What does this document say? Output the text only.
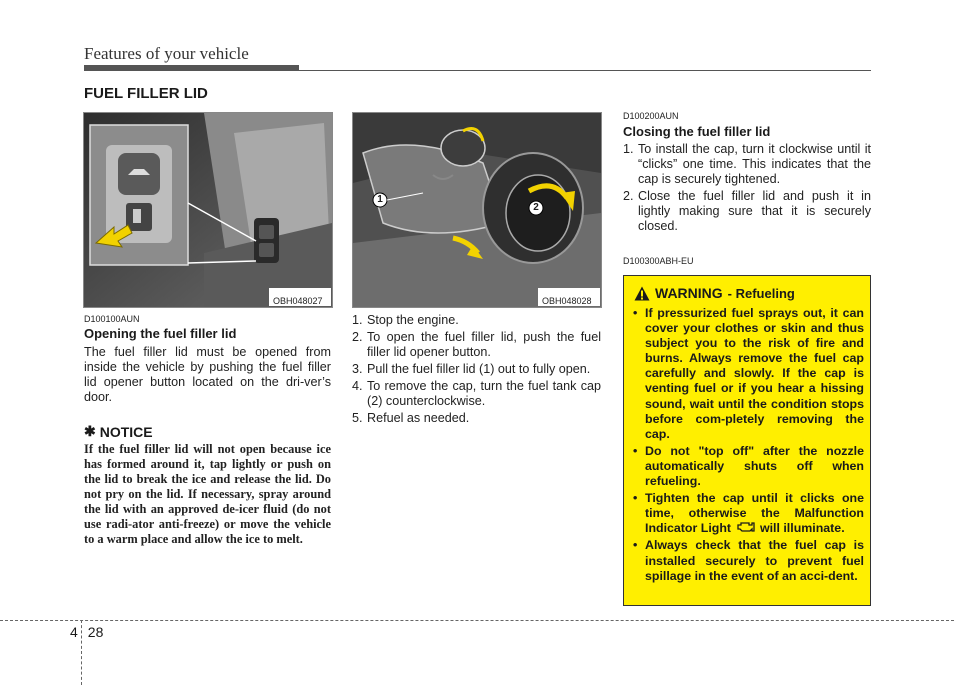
Features of your vehicle
FUEL FILLER LID
OBH048027
1
2
OBH048028
D100100AUN
Opening the fuel filler lid
The fuel filler lid must be opened from inside the vehicle by pushing the fuel filler lid opener button located on the dri-ver’s door.
✱ NOTICE
If the fuel filler lid will not open because ice has formed around it, tap lightly or push on the lid to break the ice and release the lid. Do not pry on the lid. If necessary, spray around the lid with an approved de-icer fluid (do not use radi-ator anti-freeze) or move the vehicle to a warm place and allow the ice to melt.
1. Stop the engine.
2. To open the fuel filler lid, push the fuel filler lid opener button.
3. Pull the fuel filler lid (1) out to fully open.
4. To remove the cap, turn the fuel tank cap (2) counterclockwise.
5. Refuel as needed.
D100200AUN
Closing the fuel filler lid
1. To install the cap, turn it clockwise until it “clicks” one time. This indicates that the cap is securely tightened.
2. Close the fuel filler lid and push it in lightly making sure that it is securely closed.
D100300ABH-EU
WARNING - Refueling
• If pressurized fuel sprays out, it can cover your clothes or skin and thus subject you to the risk of fire and burns. Always remove the fuel cap carefully and slowly. If the cap is venting fuel or if you hear a hissing sound, wait until the condition stops before com-pletely removing the cap.
• Do not "top off" after the nozzle automatically shuts off when refueling.
• Tighten the cap until it clicks one time, otherwise the Malfunction Indicator Light will illuminate.
• Always check that the fuel cap is installed securely to prevent fuel spillage in the event of an acci-dent.
4 28
